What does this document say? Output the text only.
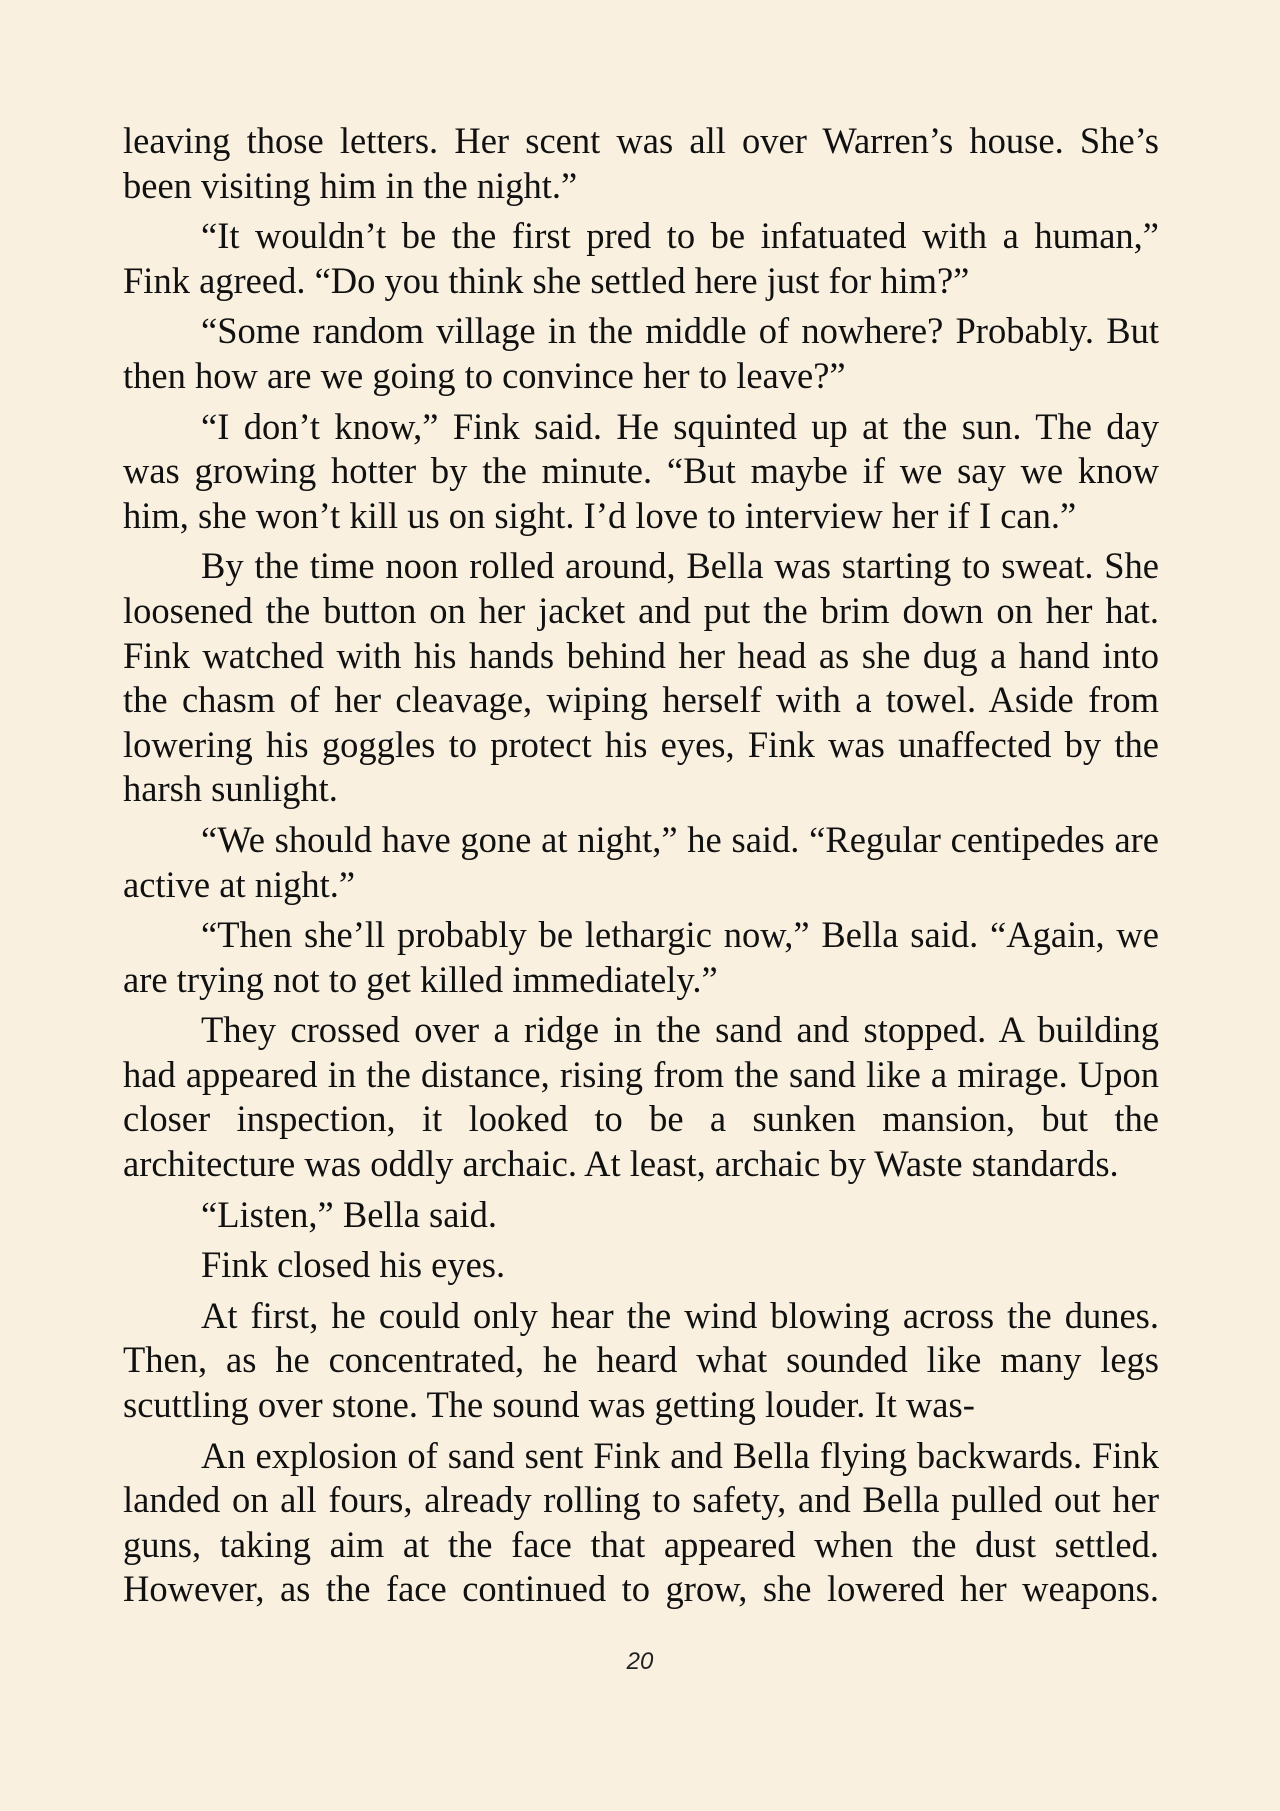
leaving those letters. Her scent was all over Warren’s house. She’s been visiting him in the night.”

“It wouldn’t be the first pred to be infatuated with a human,” Fink agreed. “Do you think she settled here just for him?”

“Some random village in the middle of nowhere? Probably. But then how are we going to convince her to leave?”

“I don’t know,” Fink said. He squinted up at the sun. The day was growing hotter by the minute. “But maybe if we say we know him, she won’t kill us on sight. I’d love to interview her if I can.”

By the time noon rolled around, Bella was starting to sweat. She loosened the button on her jacket and put the brim down on her hat. Fink watched with his hands behind her head as she dug a hand into the chasm of her cleavage, wiping herself with a towel. Aside from lowering his goggles to protect his eyes, Fink was unaffected by the harsh sunlight.

“We should have gone at night,” he said. “Regular centipedes are active at night.”

“Then she’ll probably be lethargic now,” Bella said. “Again, we are trying not to get killed immediately.”

They crossed over a ridge in the sand and stopped. A building had appeared in the distance, rising from the sand like a mirage. Upon closer inspection, it looked to be a sunken mansion, but the architecture was oddly archaic. At least, archaic by Waste standards.

“Listen,” Bella said.

Fink closed his eyes.

At first, he could only hear the wind blowing across the dunes. Then, as he concentrated, he heard what sounded like many legs scuttling over stone. The sound was getting louder. It was-

An explosion of sand sent Fink and Bella flying backwards. Fink landed on all fours, already rolling to safety, and Bella pulled out her guns, taking aim at the face that appeared when the dust settled. However, as the face continued to grow, she lowered her weapons.

20
